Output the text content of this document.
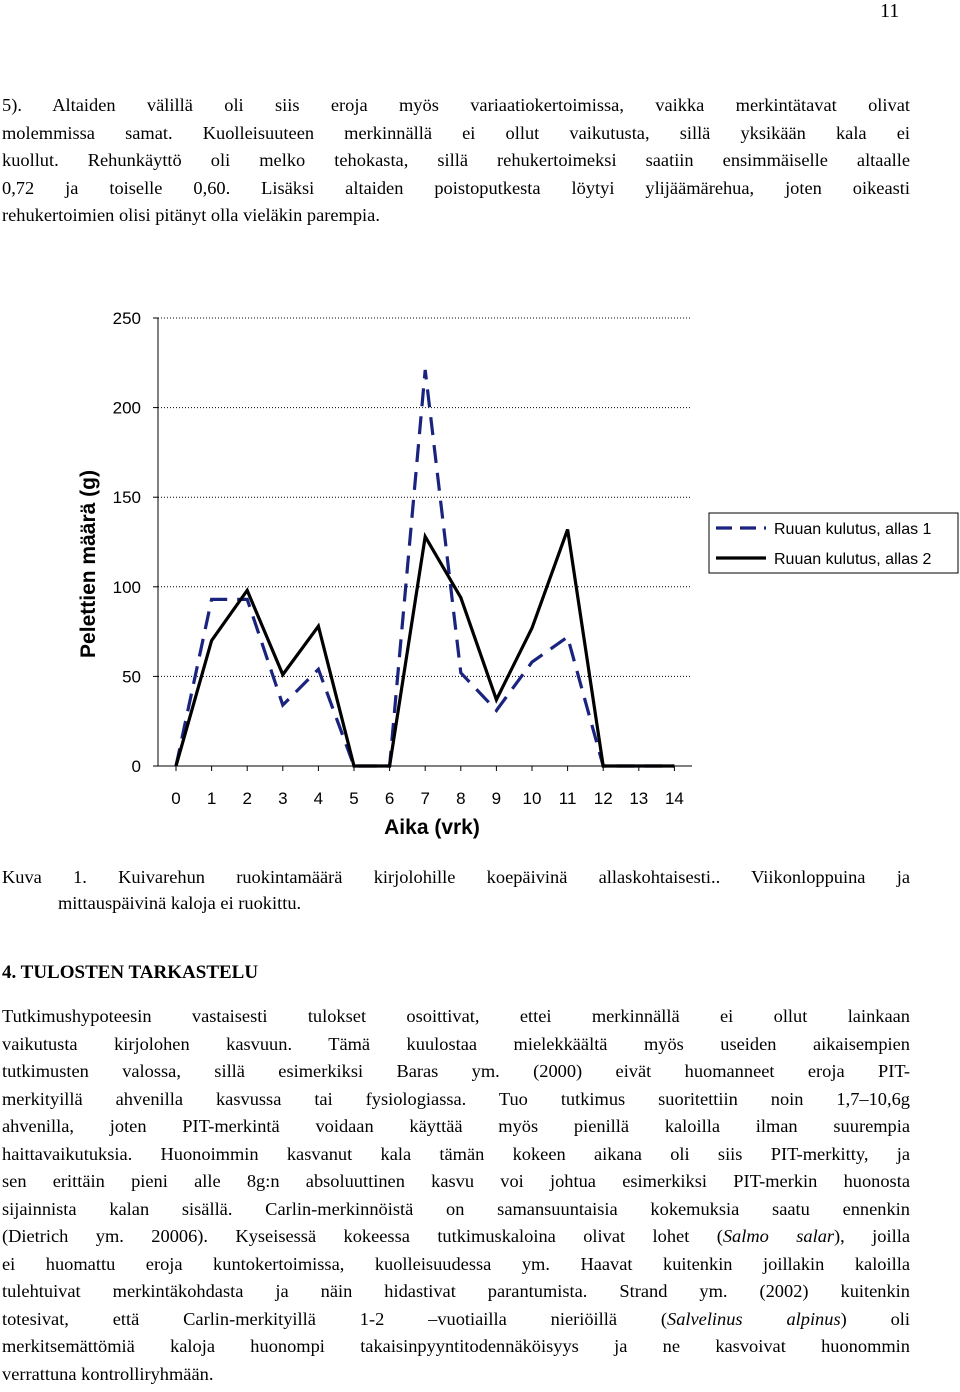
11
5). Altaiden välillä oli siis eroja myös variaatiokertoimissa, vaikka merkintätavat olivat
molemmissa samat. Kuolleisuuteen merkinnällä ei ollut vaikutusta, sillä yksikään kala ei
kuollut. Rehunkäyttö oli melko tehokasta, sillä rehukertoimeksi saatiin ensimmäiselle altaalle
0,72 ja toiselle 0,60. Lisäksi altaiden poistoputkesta löytyi ylijäämärehua, joten oikeasti
rehukertoimien olisi pitänyt olla vieläkin parempia.
0
50
100
150
200
250
0 1 2 3 4 5 6 7 8 9 10 11 12 13 14
Aika (vrk)
Pelettien määrä (g)	Ruuan kulutus, allas 1
Ruuan kulutus, allas 2
Kuva 1. Kuivarehun ruokintamäärä kirjolohille koepäivinä allaskohtaisesti.. Viikonloppuina ja
mittauspäivinä kaloja ei ruokittu.
4. TULOSTEN TARKASTELU
Tutkimushypoteesin vastaisesti tulokset osoittivat, ettei merkinnällä ei ollut lainkaan
vaikutusta kirjolohen kasvuun. Tämä kuulostaa mielekkäältä myös useiden aikaisempien
tutkimusten valossa, sillä esimerkiksi Baras ym. (2000) eivät huomanneet eroja PIT-
merkityillä ahvenilla kasvussa tai fysiologiassa. Tuo tutkimus suoritettiin noin 1,7–10,6g
ahvenilla, joten PIT-merkintä voidaan käyttää myös pienillä kaloilla ilman suurempia
haittavaikutuksia. Huonoimmin kasvanut kala tämän kokeen aikana oli siis PIT-merkitty, ja
sen erittäin pieni alle 8g:n absoluuttinen kasvu voi johtua esimerkiksi PIT-merkin huonosta
sijainnista kalan sisällä. Carlin-merkinnöistä on samansuuntaisia kokemuksia saatu ennenkin
(Dietrich ym. 20006). Kyseisessä kokeessa tutkimuskaloina olivat lohet (Salmo salar), joilla
ei huomattu eroja kuntokertoimissa, kuolleisuudessa ym. Haavat kuitenkin joillakin kaloilla
tulehtuivat merkintäkohdasta ja näin hidastivat parantumista. Strand ym. (2002) kuitenkin
totesivat, että Carlin-merkityillä 1-2 –vuotiailla nieriöillä (Salvelinus alpinus) oli
merkitsemättömiä kaloja huonompi takaisinpyyntitodennäköisyys ja ne kasvoivat huonommin
verrattuna kontrolliryhmään.
